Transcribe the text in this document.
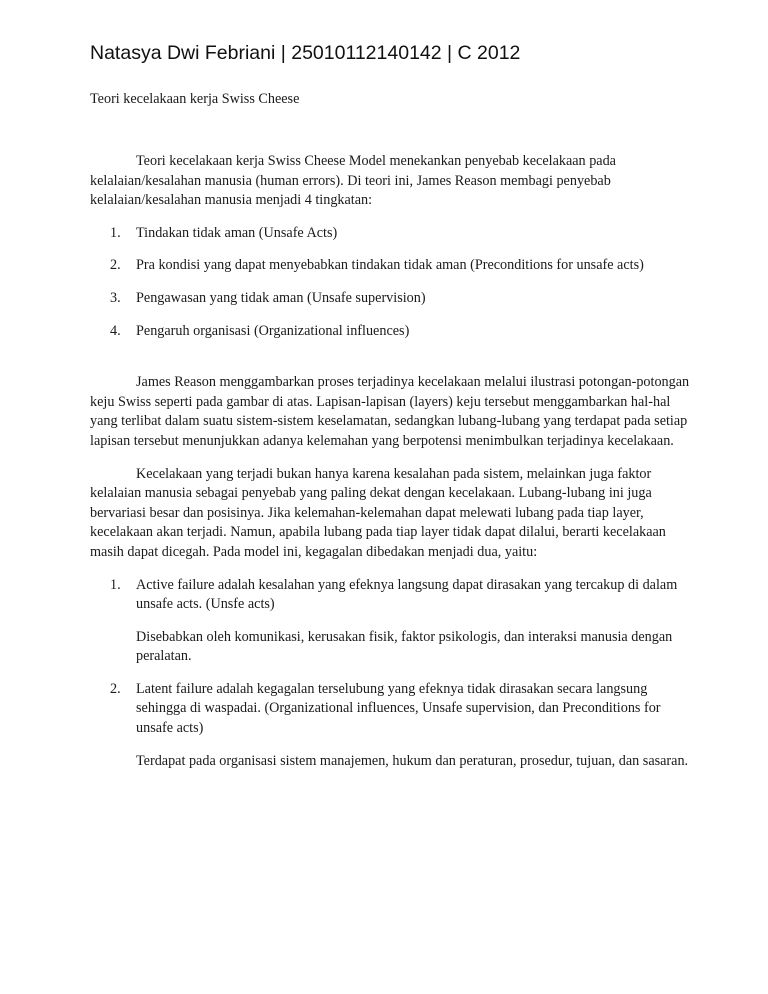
Natasya Dwi Febriani | 25010112140142 | C 2012
Teori kecelakaan kerja Swiss Cheese

Teori kecelakaan kerja Swiss Cheese Model menekankan penyebab kecelakaan pada kelalaian/kesalahan manusia (human errors). Di teori ini, James Reason membagi penyebab kelalaian/kesalahan manusia menjadi 4 tingkatan:

1. Tindakan tidak aman (Unsafe Acts)
2. Pra kondisi yang dapat menyebabkan tindakan tidak aman (Preconditions for unsafe acts)
3. Pengawasan yang tidak aman (Unsafe supervision)
4. Pengaruh organisasi (Organizational influences)

James Reason menggambarkan proses terjadinya kecelakaan melalui ilustrasi potongan-potongan keju Swiss seperti pada gambar di atas. Lapisan-lapisan (layers) keju tersebut menggambarkan hal-hal yang terlibat dalam suatu sistem-sistem keselamatan, sedangkan lubang-lubang yang terdapat pada setiap lapisan tersebut menunjukkan adanya kelemahan yang berpotensi menimbulkan terjadinya kecelakaan.

Kecelakaan yang terjadi bukan hanya karena kesalahan pada sistem, melainkan juga faktor kelalaian manusia sebagai penyebab yang paling dekat dengan kecelakaan. Lubang-lubang ini juga bervariasi besar dan posisinya. Jika kelemahan-kelemahan dapat melewati lubang pada tiap layer, kecelakaan akan terjadi. Namun, apabila lubang pada tiap layer tidak dapat dilalui, berarti kecelakaan masih dapat dicegah. Pada model ini, kegagalan dibedakan menjadi dua, yaitu:

1. Active failure adalah kesalahan yang efeknya langsung dapat dirasakan yang tercakup di dalam unsafe acts. (Unsfe acts)

Disebabkan oleh komunikasi, kerusakan fisik, faktor psikologis, dan interaksi manusia dengan peralatan.

2. Latent failure adalah kegagalan terselubung yang efeknya tidak dirasakan secara langsung sehingga di waspadai. (Organizational influences, Unsafe supervision, dan Preconditions for unsafe acts)

Terdapat pada organisasi sistem manajemen, hukum dan peraturan, prosedur, tujuan, dan sasaran.
